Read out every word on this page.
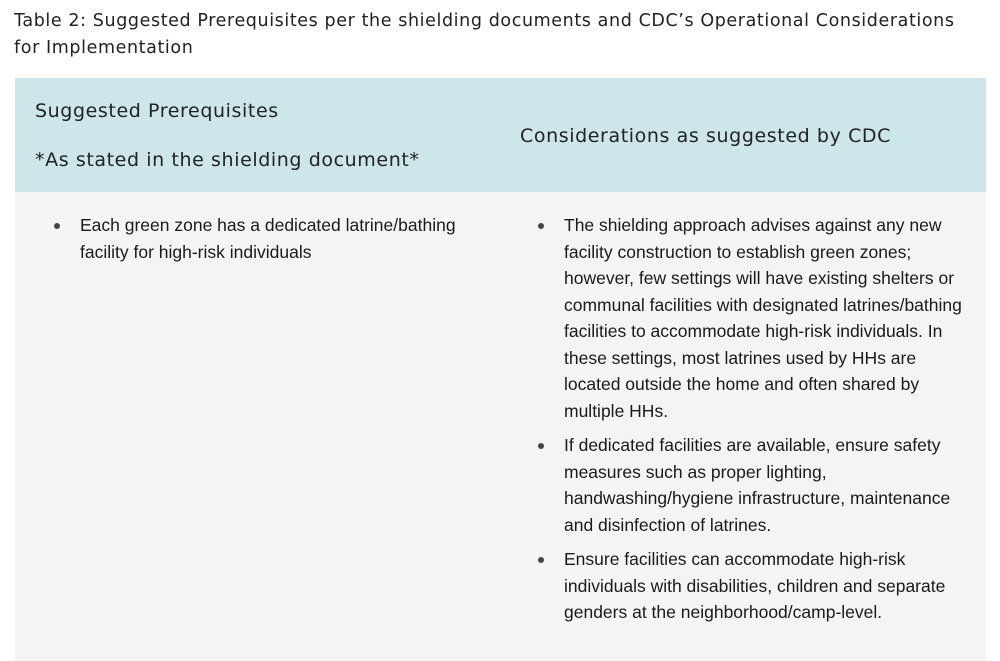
Table 2: Suggested Prerequisites per the shielding documents and CDC’s Operational Considerations
for Implementation
Suggested Prerequisites
*As stated in the shielding document*
Considerations as suggested by CDC
Each green zone has a dedicated latrine/bathing facility for high-risk individuals
The shielding approach advises against any new facility construction to establish green zones; however, few settings will have existing shelters or communal facilities with designated latrines/bathing facilities to accommodate high-risk individuals. In these settings, most latrines used by HHs are located outside the home and often shared by multiple HHs.
If dedicated facilities are available, ensure safety measures such as proper lighting, handwashing/hygiene infrastructure, maintenance and disinfection of latrines.
Ensure facilities can accommodate high-risk individuals with disabilities, children and separate genders at the neighborhood/camp-level.
